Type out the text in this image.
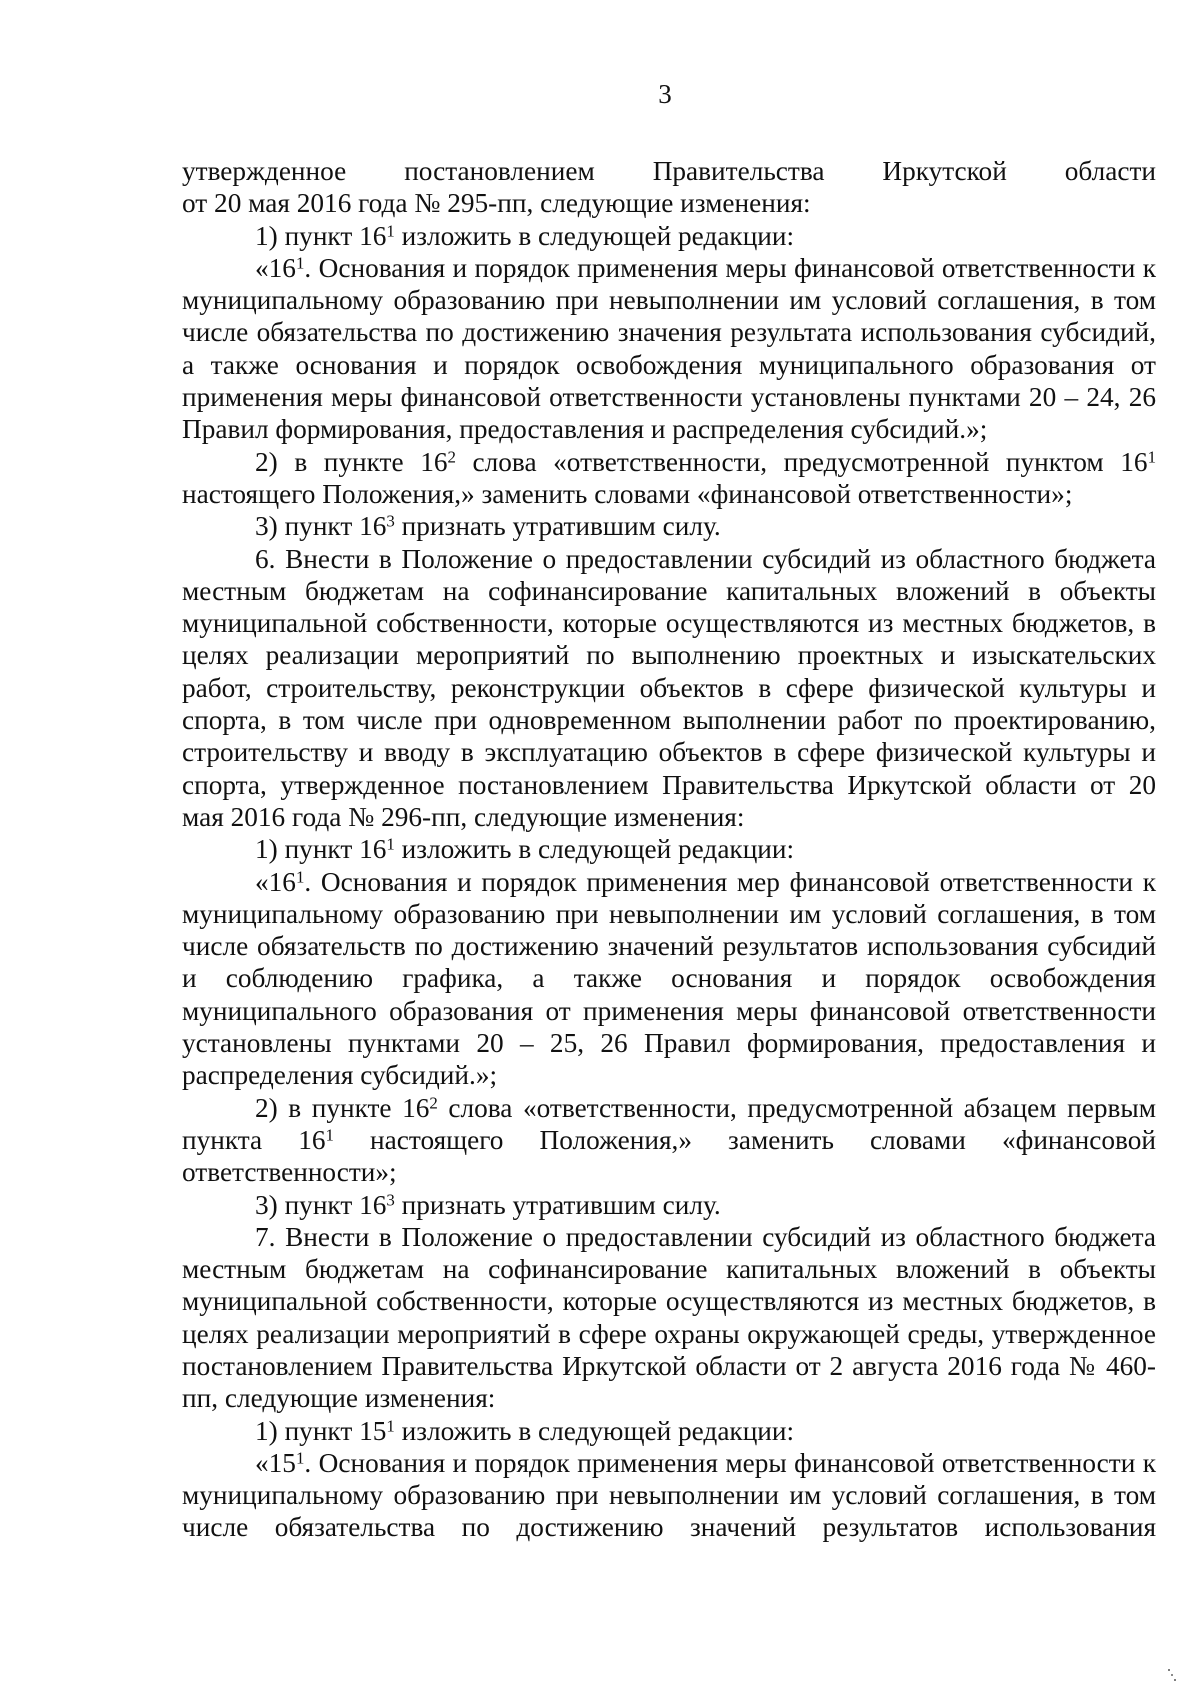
3

утвержденное постановлением Правительства Иркутской области

от 20 мая 2016 года № 295-пп, следующие изменения:

1) пункт $16^1$ изложить в следующей редакции:

«$16^1$. Основания и порядок применения меры финансовой ответственности к муниципальному образованию при невыполнении им условий соглашения, в том числе обязательства по достижению значения результата использования субсидий, а также основания и порядок освобождения муниципального образования от применения меры финансовой ответственности установлены пунктами 20 – 24, 26 Правил формирования, предоставления и распределения субсидий.»;

2) в пункте $16^2$ слова «ответственности, предусмотренной пунктом $16^1$ настоящего Положения,» заменить словами «финансовой ответственности»;

3) пункт $16^3$ признать утратившим силу.

6. Внести в Положение о предоставлении субсидий из областного бюджета местным бюджетам на софинансирование капитальных вложений в объекты муниципальной собственности, которые осуществляются из местных бюджетов, в целях реализации мероприятий по выполнению проектных и изыскательских работ, строительству, реконструкции объектов в сфере физической культуры и спорта, в том числе при одновременном выполнении работ по проектированию, строительству и вводу в эксплуатацию объектов в сфере физической культуры и спорта, утвержденное постановлением Правительства Иркутской области от 20 мая 2016 года № 296-пп, следующие изменения:

1) пункт $16^1$ изложить в следующей редакции:

«$16^1$. Основания и порядок применения мер финансовой ответственности к муниципальному образованию при невыполнении им условий соглашения, в том числе обязательств по достижению значений результатов использования субсидий и соблюдению графика, а также основания и порядок освобождения муниципального образования от применения меры финансовой ответственности установлены пунктами 20 – 25, 26 Правил формирования, предоставления и распределения субсидий.»;

2) в пункте $16^2$ слова «ответственности, предусмотренной абзацем первым пункта $16^1$ настоящего Положения,» заменить словами «финансовой ответственности»;

3) пункт $16^3$ признать утратившим силу.

7. Внести в Положение о предоставлении субсидий из областного бюджета местным бюджетам на софинансирование капитальных вложений в объекты муниципальной собственности, которые осуществляются из местных бюджетов, в целях реализации мероприятий в сфере охраны окружающей среды, утвержденное постановлением Правительства Иркутской области от 2 августа 2016 года № 460-пп, следующие изменения:

1) пункт $15^1$ изложить в следующей редакции:

«$15^1$. Основания и порядок применения меры финансовой ответственности к муниципальному образованию при невыполнении им условий соглашения, в том числе обязательства по достижению значений результатов использования
